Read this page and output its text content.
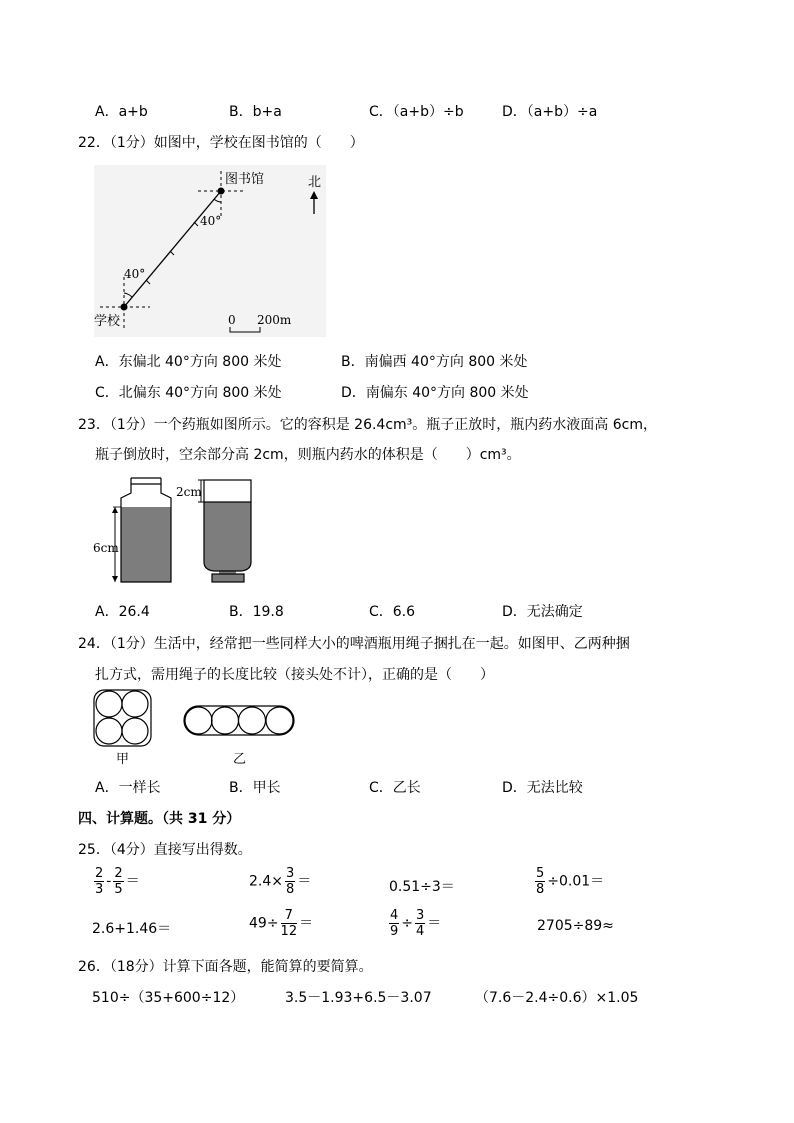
A．a+b	B．b+a	C．（a+b）÷b	D．（a+b）÷a
22．（1分）如图中，学校在图书馆的（　　）
图书馆
40°
40°
学校
北
0 200m
A．东偏北 40°方向 800 米处	B．南偏西 40°方向 800 米处
C．北偏东 40°方向 800 米处	D．南偏东 40°方向 800 米处
23．（1分）一个药瓶如图所示。它的容积是 26.4cm³。瓶子正放时，瓶内药水液面高 6cm，
瓶子倒放时，空余部分高 2cm，则瓶内药水的体积是（　　）cm³。
6cm
2cm
A．26.4	B．19.8	C．6.6	D．无法确定
24．（1分）生活中，经常把一些同样大小的啤酒瓶用绳子捆扎在一起。如图甲、乙两种捆
扎方式，需用绳子的长度比较（接头处不计），正确的是（　　）
甲	乙
A．一样长	B．甲长	C．乙长	D．无法比较
四、计算题。（共 31 分）
25．（4分）直接写出得数。
$\frac{2}{3} - \frac{2}{5}$ ＝	$2.4\times \frac{3}{8}$ ＝	0.51÷3＝	$\frac{5}{8} \div 0.01=$
2.6+1.46＝	$49\div \frac{7}{12}$ ＝	$\frac{4}{9} \div \frac{3}{4}$ ＝	2705÷89≈
26．（18分）计算下面各题，能简算的要简算。
510÷（35+600÷12）	3.5－1.93+6.5－3.07	（7.6－2.4÷0.6）×1.05
